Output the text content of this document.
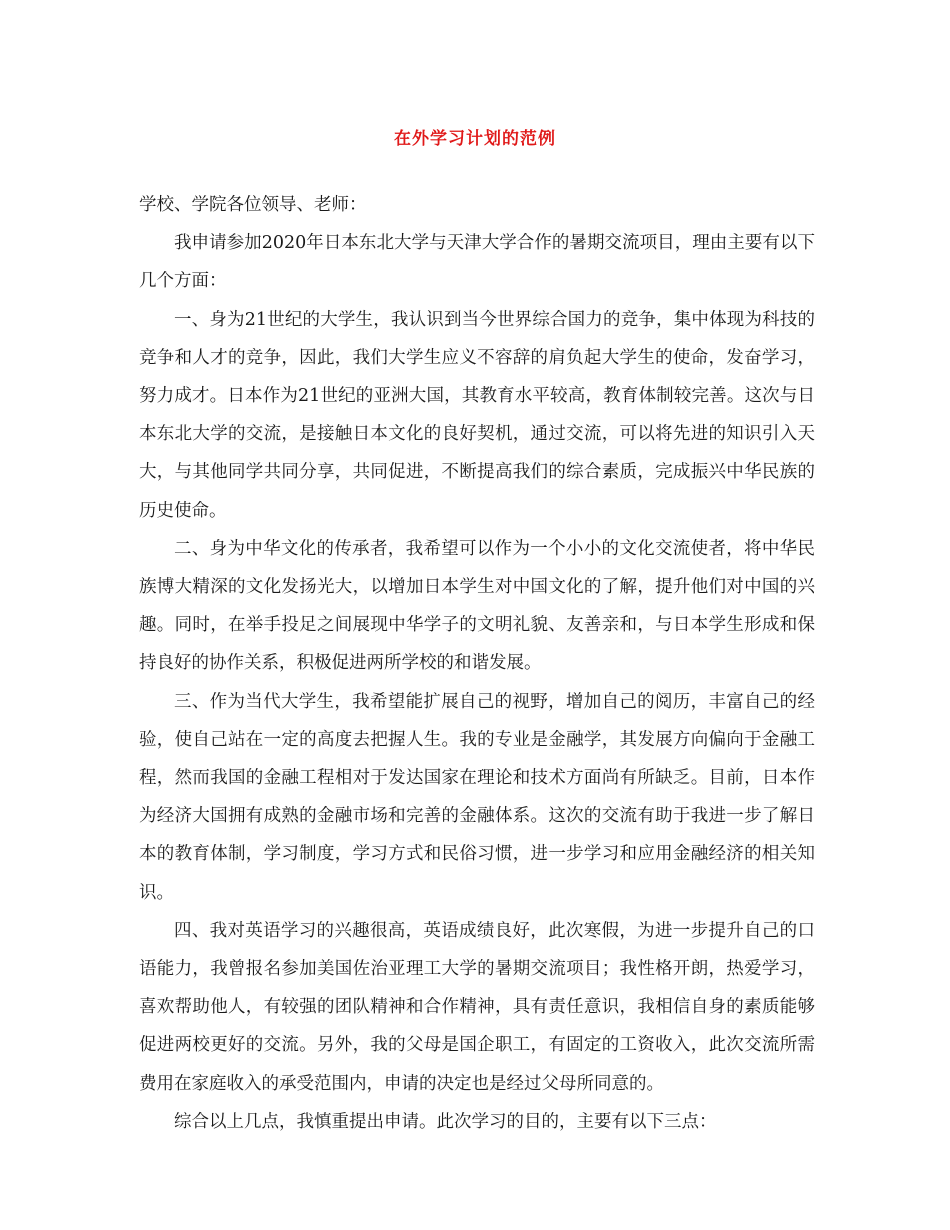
在外学习计划的范例

学校、学院各位领导、老师：

我申请参加2020年日本东北大学与天津大学合作的暑期交流项目，理由主要有以下几个方面：

一、身为21世纪的大学生，我认识到当今世界综合国力的竞争，集中体现为科技的竞争和人才的竞争，因此，我们大学生应义不容辞的肩负起大学生的使命，发奋学习，努力成才。日本作为21世纪的亚洲大国，其教育水平较高，教育体制较完善。这次与日本东北大学的交流，是接触日本文化的良好契机，通过交流，可以将先进的知识引入天大，与其他同学共同分享，共同促进，不断提高我们的综合素质，完成振兴中华民族的历史使命。

二、身为中华文化的传承者，我希望可以作为一个小小的文化交流使者，将中华民族博大精深的文化发扬光大，以增加日本学生对中国文化的了解，提升他们对中国的兴趣。同时，在举手投足之间展现中华学子的文明礼貌、友善亲和，与日本学生形成和保持良好的协作关系，积极促进两所学校的和谐发展。

三、作为当代大学生，我希望能扩展自己的视野，增加自己的阅历，丰富自己的经验，使自己站在一定的高度去把握人生。我的专业是金融学，其发展方向偏向于金融工程，然而我国的金融工程相对于发达国家在理论和技术方面尚有所缺乏。目前，日本作为经济大国拥有成熟的金融市场和完善的金融体系。这次的交流有助于我进一步了解日本的教育体制，学习制度，学习方式和民俗习惯，进一步学习和应用金融经济的相关知识。

四、我对英语学习的兴趣很高，英语成绩良好，此次寒假，为进一步提升自己的口语能力，我曾报名参加美国佐治亚理工大学的暑期交流项目；我性格开朗，热爱学习，喜欢帮助他人，有较强的团队精神和合作精神，具有责任意识，我相信自身的素质能够促进两校更好的交流。另外，我的父母是国企职工，有固定的工资收入，此次交流所需费用在家庭收入的承受范围内，申请的决定也是经过父母所同意的。

综合以上几点，我慎重提出申请。此次学习的目的，主要有以下三点：
